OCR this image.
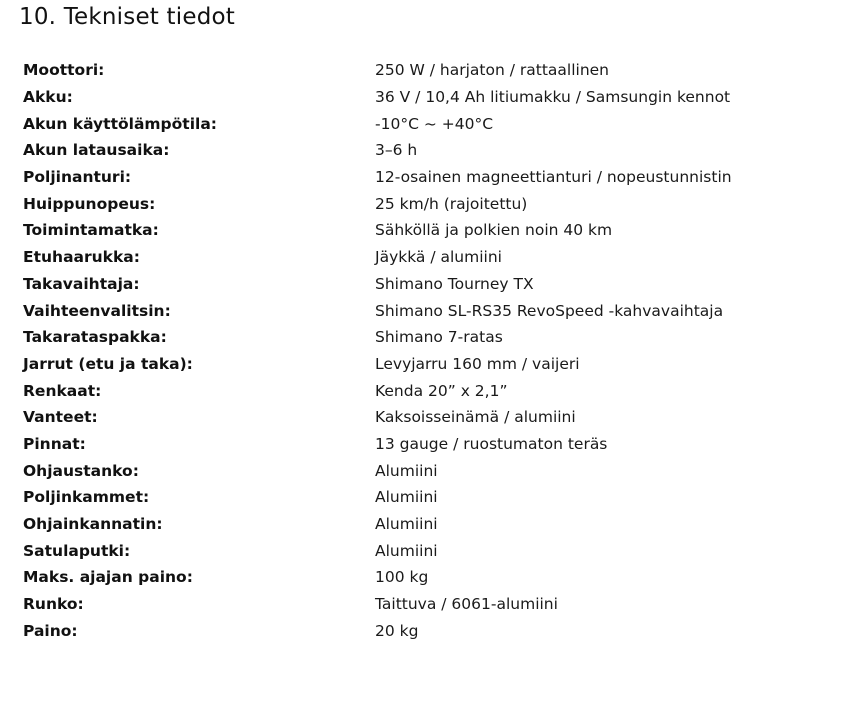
10. Tekniset tiedot
Moottori:	250 W / harjaton / rattaallinen
Akku:	36 V / 10,4 Ah litiumakku / Samsungin kennot
Akun käyttölämpötila:	-10°C ~ +40°C
Akun latausaika:	3–6 h
Poljinanturi:	12-osainen magneettianturi / nopeustunnistin
Huippunopeus:	25 km/h (rajoitettu)
Toimintamatka:	Sähköllä ja polkien noin 40 km
Etuhaarukka:	Jäykkä / alumiini
Takavaihtaja:	Shimano Tourney TX
Vaihteenvalitsin:	Shimano SL-RS35 RevoSpeed -kahvavaihtaja
Takarataspakka:	Shimano 7-ratas
Jarrut (etu ja taka):	Levyjarru 160 mm / vaijeri
Renkaat:	Kenda 20” x 2,1”
Vanteet:	Kaksoisseinämä / alumiini
Pinnat:	13 gauge / ruostumaton teräs
Ohjaustanko:	Alumiini
Poljinkammet:	Alumiini
Ohjainkannatin:	Alumiini
Satulaputki:	Alumiini
Maks. ajajan paino:	100 kg
Runko:	Taittuva / 6061-alumiini
Paino:	20 kg
